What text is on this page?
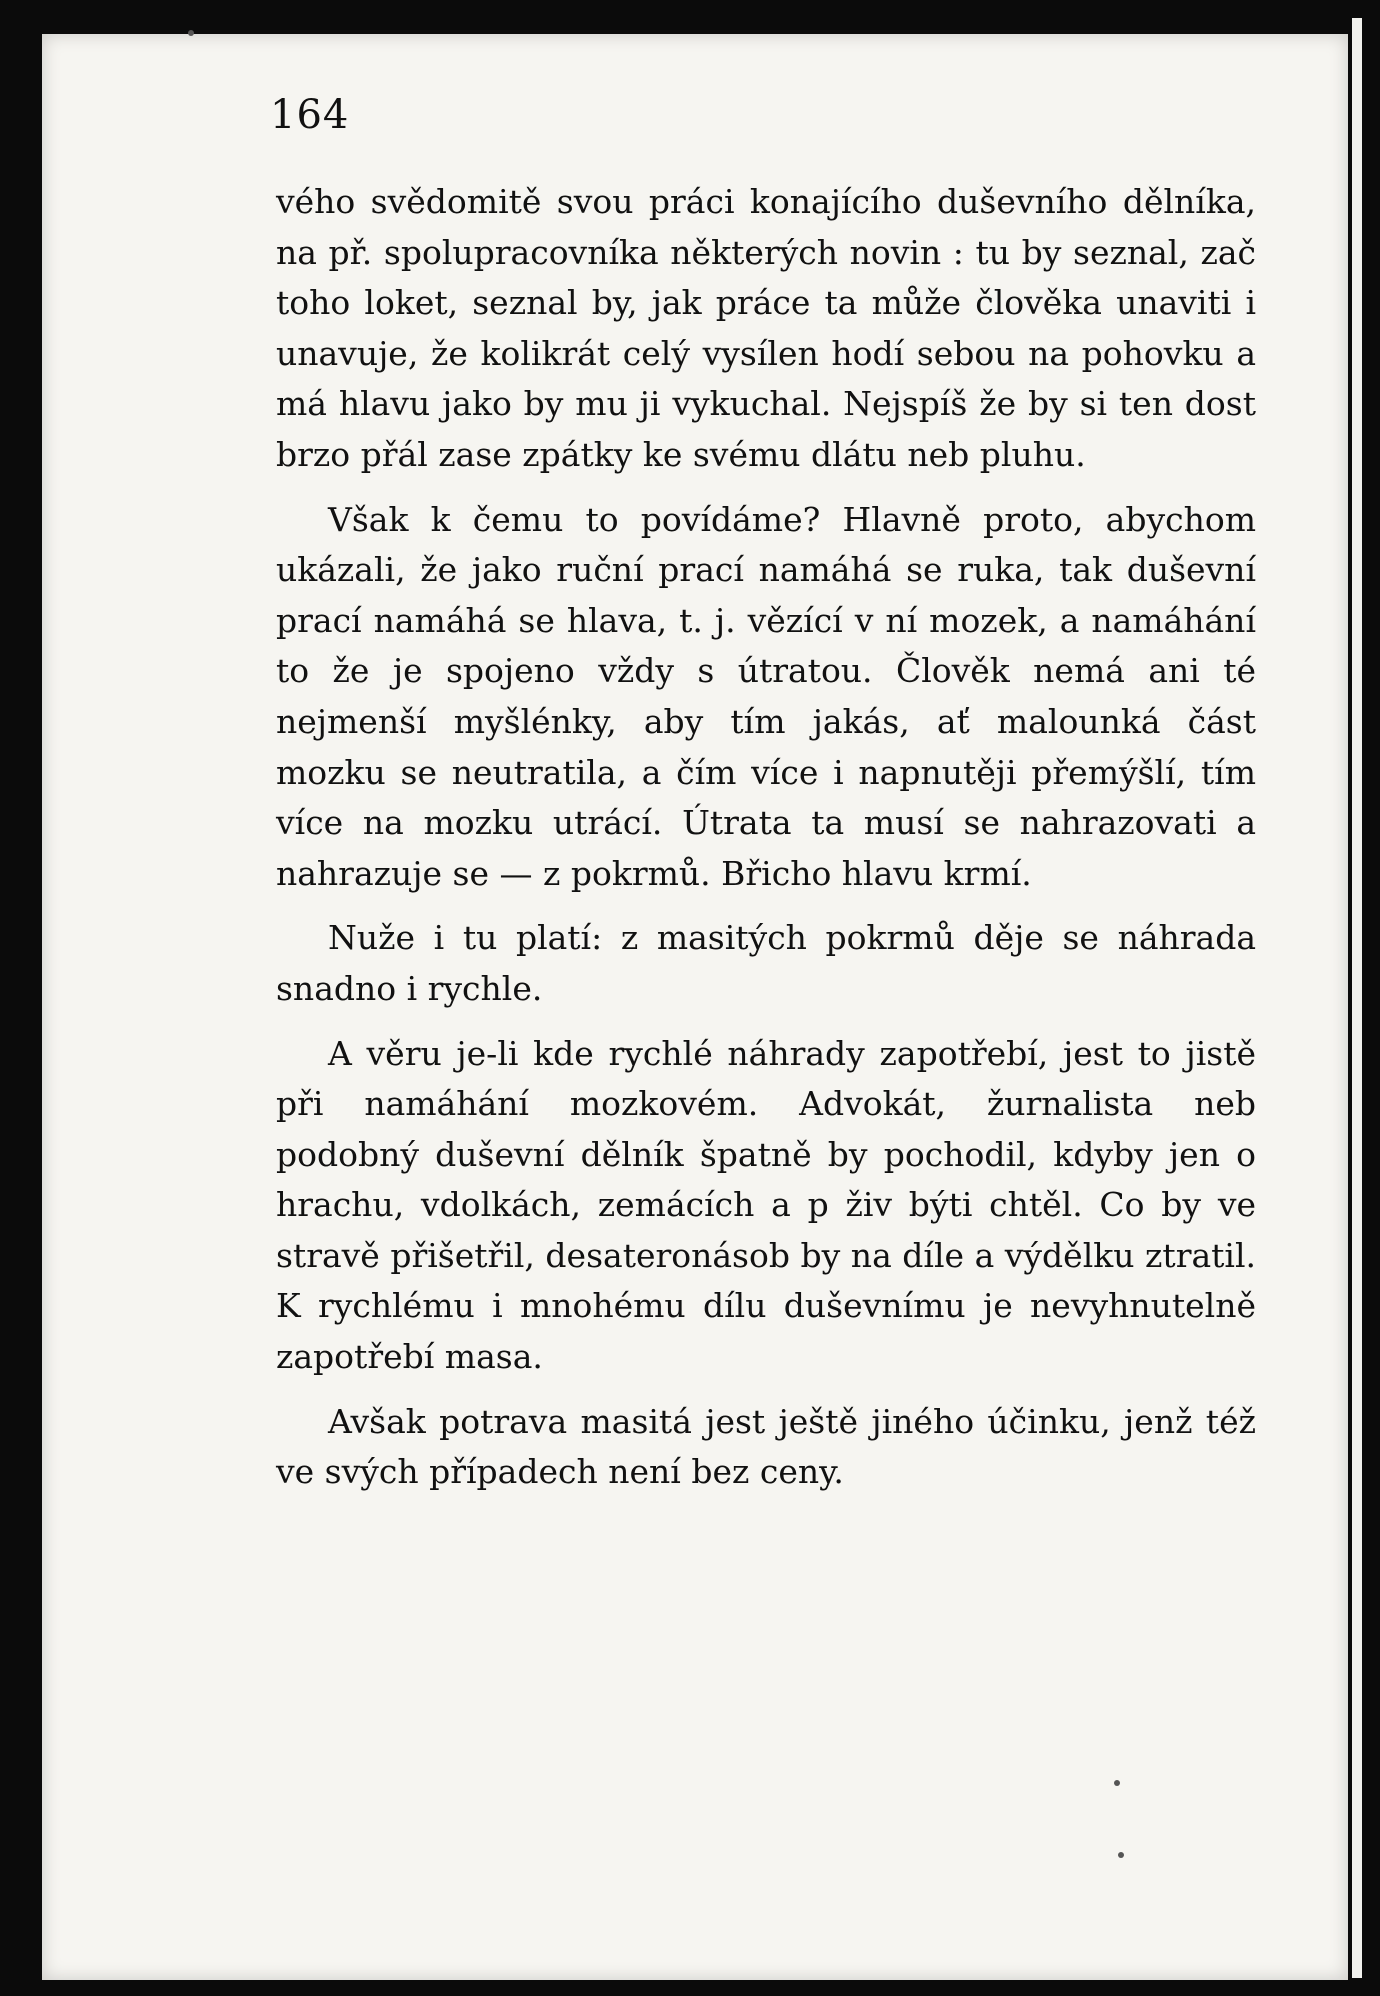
164

vého svědomitě svou práci konajícího duševního dělníka, na př. spolupracovníka některých novin : tu by seznal, zač toho loket, seznal by, jak práce ta může člověka unaviti i unavuje, že kolikrát celý vysílen hodí sebou na pohovku a má hlavu jako by mu ji vykuchal. Nejspíš že by si ten dost brzo přál zase zpátky ke svému dlátu neb pluhu.

Však k čemu to povídáme? Hlavně proto, abychom ukázali, že jako ruční prací namáhá se ruka, tak duševní prací namáhá se hlava, t. j. vězící v ní mozek, a namáhání to že je spojeno vždy s útratou. Člověk nemá ani té nejmenší myšlénky, aby tím jakás, ať malounká část mozku se neutratila, a čím více i napnutěji přemýšlí, tím více na mozku utrácí. Útrata ta musí se nahrazovati a nahrazuje se — z pokrmů. Břicho hlavu krmí.

Nuže i tu platí: z masitých pokrmů děje se náhrada snadno i rychle.

A věru je-li kde rychlé náhrady zapotřebí, jest to jistě při namáhání mozkovém. Advokát, žurnalista neb podobný duševní dělník špatně by pochodil, kdyby jen o hrachu, vdolkách, zemácích a p živ býti chtěl. Co by ve stravě přišetřil, desateronásob by na díle a výdělku ztratil. K rychlému i mnohému dílu duševnímu je nevyhnutelně zapotřebí masa.

Avšak potrava masitá jest ještě jiného účinku, jenž též ve svých případech není bez ceny.
